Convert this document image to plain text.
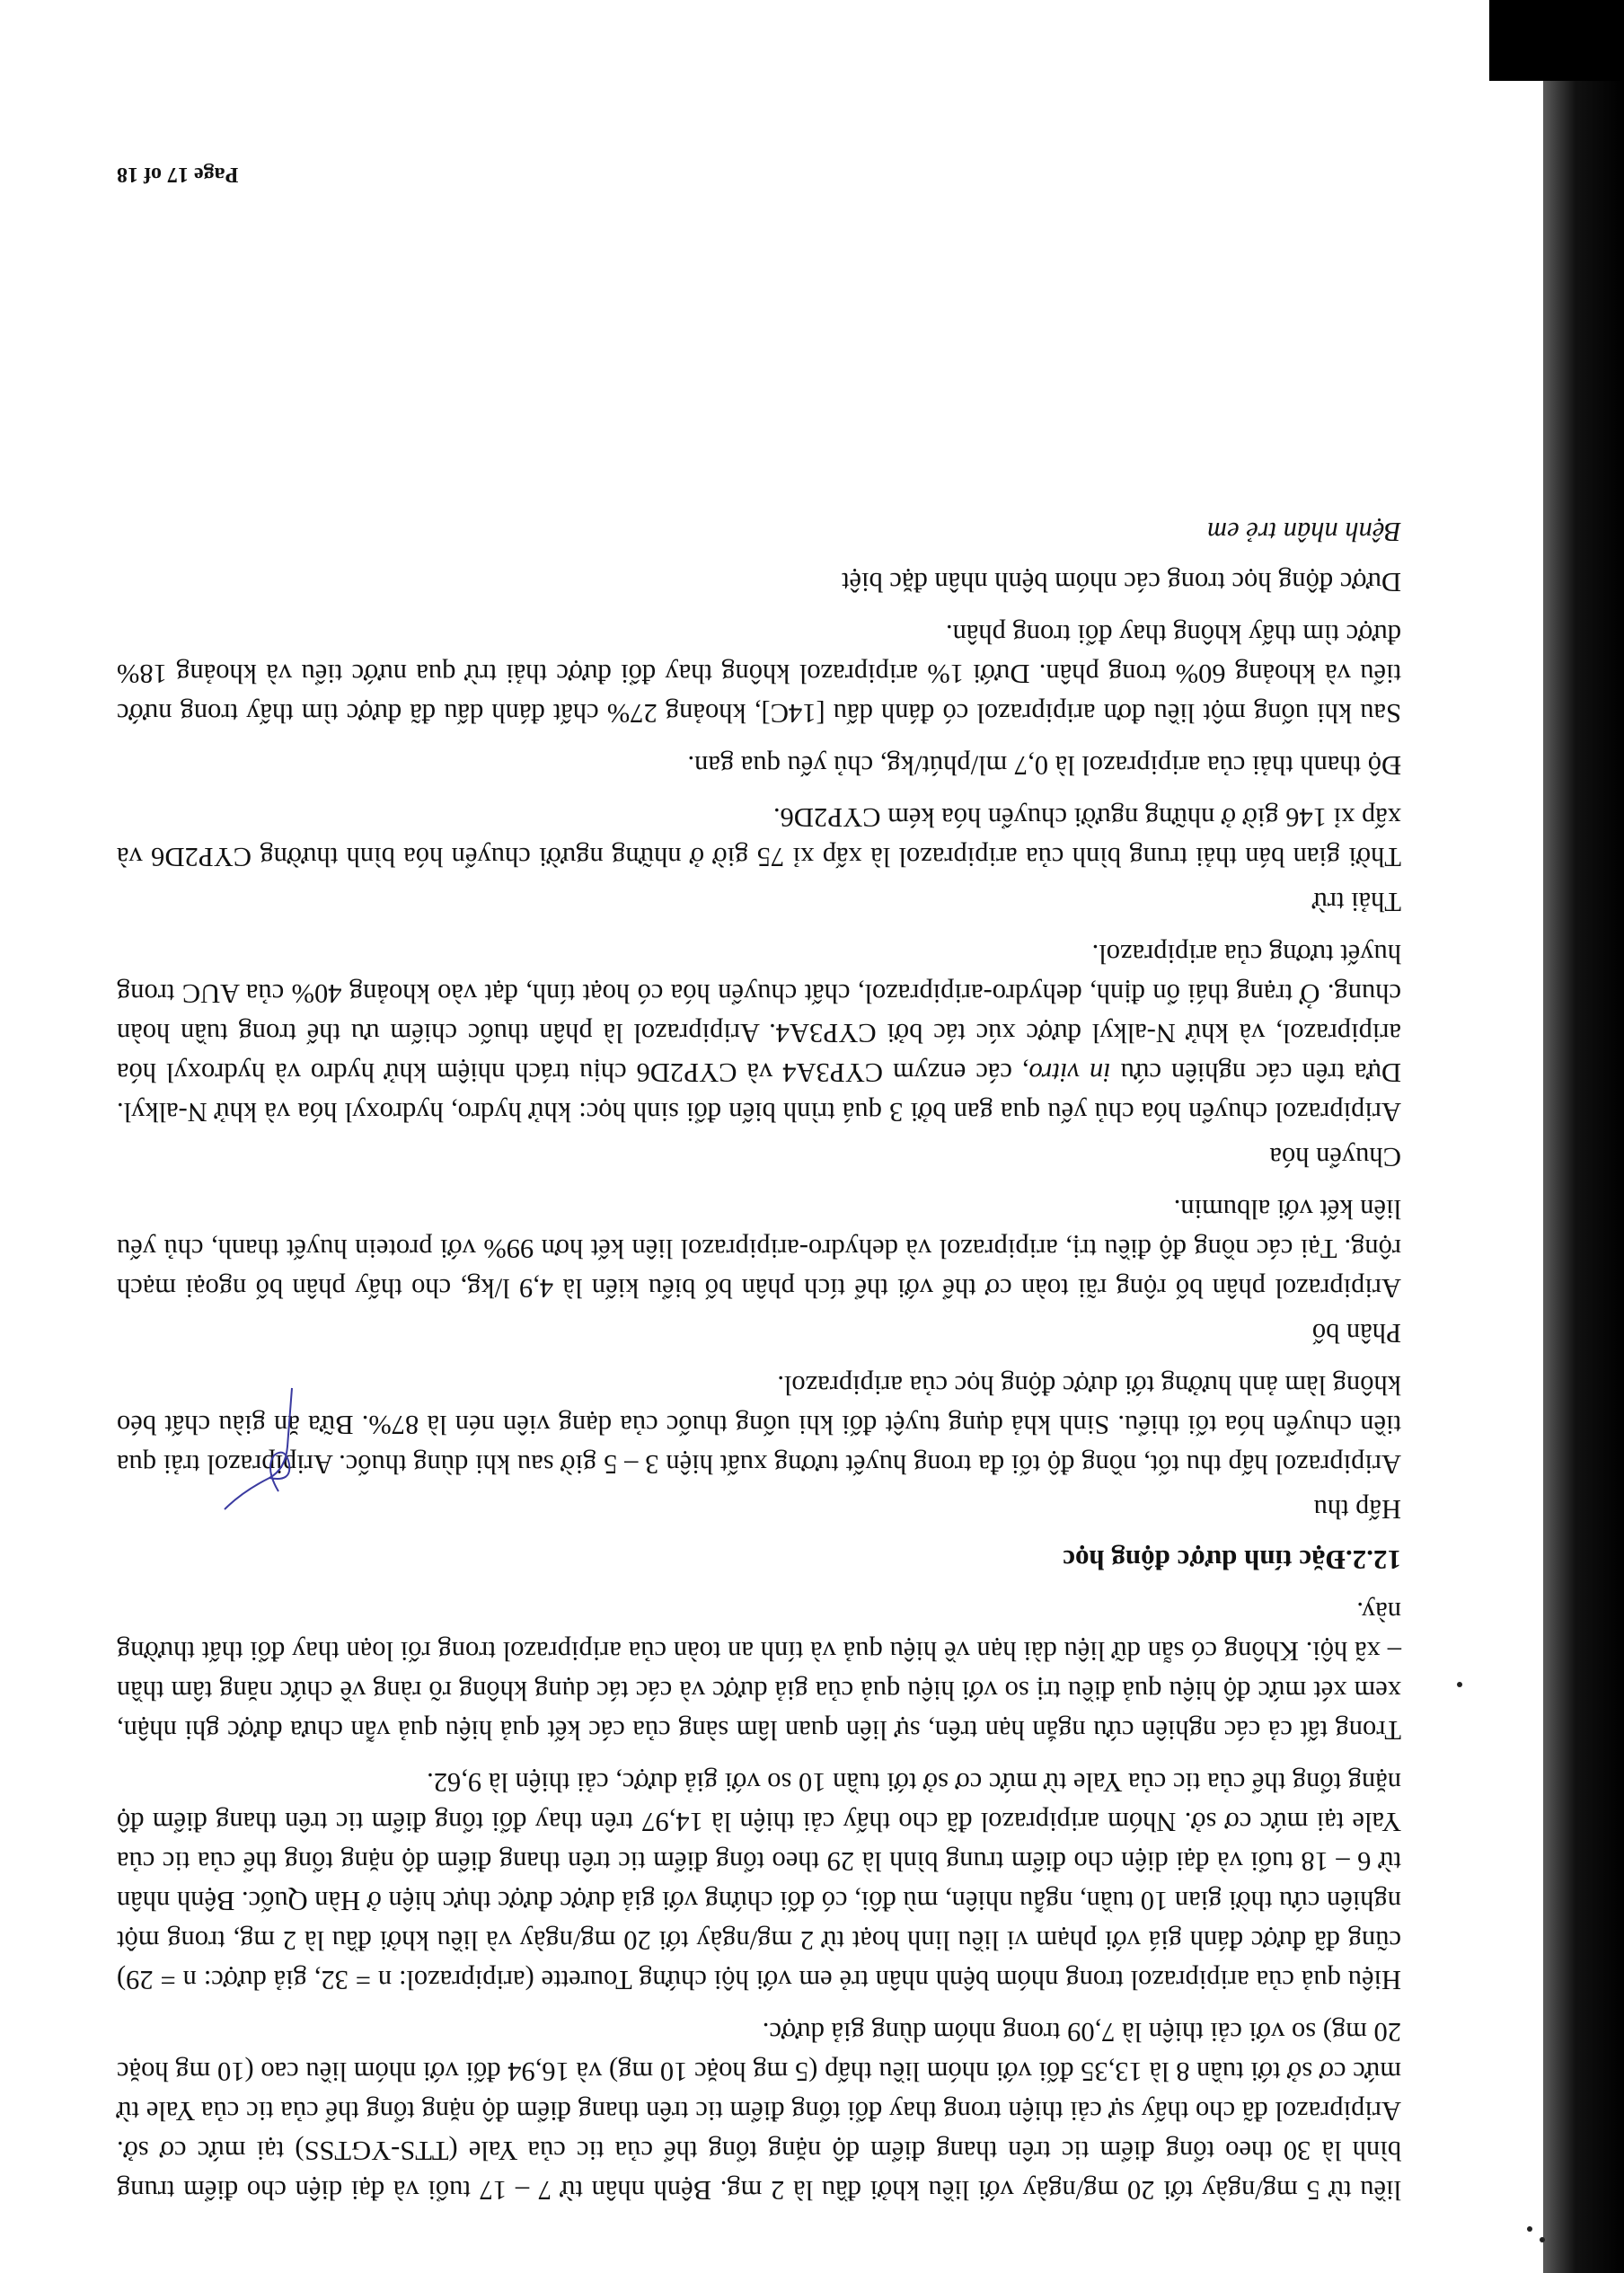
liều từ 5 mg/ngày tới 20 mg/ngày với liều khởi đầu là 2 mg. Bệnh nhân từ 7 – 17 tuổi và đại diện cho điểm trung bình là 30 theo tổng điểm tic trên thang điểm độ nặng tổng thể của tic của Yale (TTS-YGTSS) tại mức cơ sở. Aripiprazol đã cho thấy sự cải thiện trong thay đổi tổng điểm tic trên thang điểm độ nặng tổng thể của tic của Yale từ mức cơ sở tới tuần 8 là 13,35 đối với nhóm liều thấp (5 mg hoặc 10 mg) và 16,94 đối với nhóm liều cao (10 mg hoặc 20 mg) so với cải thiện là 7,09 trong nhóm dùng giả dược.

Hiệu quả của aripiprazol trong nhóm bệnh nhân trẻ em với hội chứng Tourette (aripiprazol: n = 32, giả dược: n = 29) cũng đã được đánh giá với phạm vi liều linh hoạt từ 2 mg/ngày tới 20 mg/ngày và liều khởi đầu là 2 mg, trong một nghiên cứu thời gian 10 tuần, ngẫu nhiên, mù đôi, có đối chứng với giả dược được thực hiện ở Hàn Quốc. Bệnh nhân từ 6 – 18 tuổi và đại diện cho điểm trung bình là 29 theo tổng điểm tic trên thang điểm độ nặng tổng thể của tic của Yale tại mức cơ sở. Nhóm aripiprazol đã cho thấy cải thiện là 14,97 trên thay đổi tổng điểm tic trên thang điểm độ nặng tổng thể của tic của Yale từ mức cơ sở tới tuần 10 so với giả dược, cải thiện là 9,62.

Trong tất cả các nghiên cứu ngắn hạn trên, sự liên quan lâm sàng của các kết quả hiệu quả vẫn chưa được ghi nhận, xem xét mức độ hiệu quả điều trị so với hiệu quả của giả dược và các tác dụng không rõ ràng về chức năng tâm thần – xã hội. Không có sẵn dữ liệu dài hạn về hiệu quả và tính an toàn của aripiprazol trong rối loạn thay đổi thất thường này.

12.2.Đặc tính dược động học
Hấp thu

Aripiprazol hấp thu tốt, nồng độ tối đa trong huyết tương xuất hiện 3 – 5 giờ sau khi dùng thuốc. Aripiprazol trải qua tiền chuyển hóa tối thiểu. Sinh khả dụng tuyệt đối khi uống thuốc của dạng viên nén là 87%. Bữa ăn giàu chất béo không làm ảnh hưởng tới dược động học của aripiprazol.

Phân bố

Aripiprazol phân bố rộng rãi toàn cơ thể với thể tích phân bố biểu kiến là 4,9 l/kg, cho thấy phân bố ngoại mạch rộng. Tại các nồng độ điều trị, aripiprazol và dehydro-aripiprazol liên kết hơn 99% với protein huyết thanh, chủ yếu liên kết với albumin.

Chuyển hóa

Aripiprazol chuyển hóa chủ yếu qua gan bởi 3 quá trình biến đổi sinh học: khử hydro, hydroxyl hóa và khử N-alkyl. Dựa trên các nghiên cứu in vitro, các enzym CYP3A4 và CYP2D6 chịu trách nhiệm khử hydro và hydroxyl hóa aripiprazol, và khử N-alkyl được xúc tác bởi CYP3A4. Aripiprazol là phân thuốc chiếm ưu thế trong tuần hoàn chung. Ở trạng thái ổn định, dehydro-aripiprazol, chất chuyển hóa có hoạt tính, đạt vào khoảng 40% của AUC trong huyết tương của aripiprazol.

Thải trừ

Thời gian bán thải trung bình của aripiprazol là xấp xỉ 75 giờ ở những người chuyển hóa bình thường CYP2D6 và xấp xỉ 146 giờ ở những người chuyển hóa kém CYP2D6.

Độ thanh thải của aripiprazol là 0,7 ml/phút/kg, chủ yếu qua gan.

Sau khi uống một liều đơn aripiprazol có đánh dấu [14C], khoảng 27% chất đánh dấu đã được tìm thấy trong nước tiểu và khoảng 60% trong phân. Dưới 1% aripiprazol không thay đổi được thải trừ qua nước tiểu và khoảng 18% được tìm thấy không thay đổi trong phân.

Dược động học trong các nhóm bệnh nhân đặc biệt
Bệnh nhân trẻ em
Page 17 of 18
